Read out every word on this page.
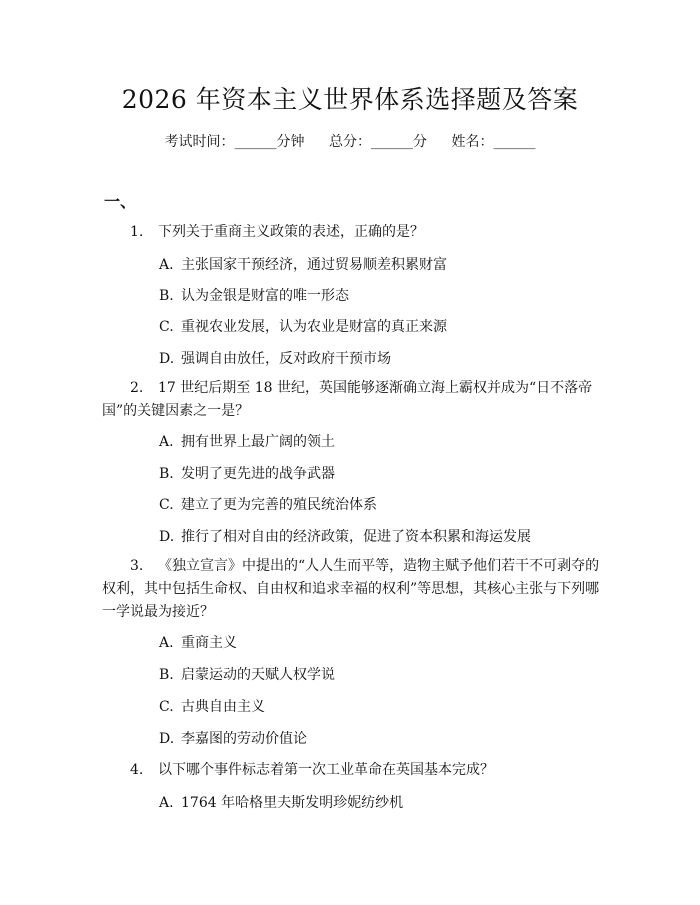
2026 年资本主义世界体系选择题及答案
考试时间：______分钟 总分：______分 姓名：______
一、
1. 下列关于重商主义政策的表述，正确的是？
A. 主张国家干预经济，通过贸易顺差积累财富
B. 认为金银是财富的唯一形态
C. 重视农业发展，认为农业是财富的真正来源
D. 强调自由放任，反对政府干预市场
2. 17 世纪后期至 18 世纪，英国能够逐渐确立海上霸权并成为“日不落帝国”的关键因素之一是？
A. 拥有世界上最广阔的领土
B. 发明了更先进的战争武器
C. 建立了更为完善的殖民统治体系
D. 推行了相对自由的经济政策，促进了资本积累和海运发展
3. 《独立宣言》中提出的“人人生而平等，造物主赋予他们若干不可剥夺的权利，其中包括生命权、自由权和追求幸福的权利”等思想，其核心主张与下列哪一学说最为接近？
A. 重商主义
B. 启蒙运动的天赋人权学说
C. 古典自由主义
D. 李嘉图的劳动价值论
4. 以下哪个事件标志着第一次工业革命在英国基本完成？
A. 1764 年哈格里夫斯发明珍妮纺纱机
